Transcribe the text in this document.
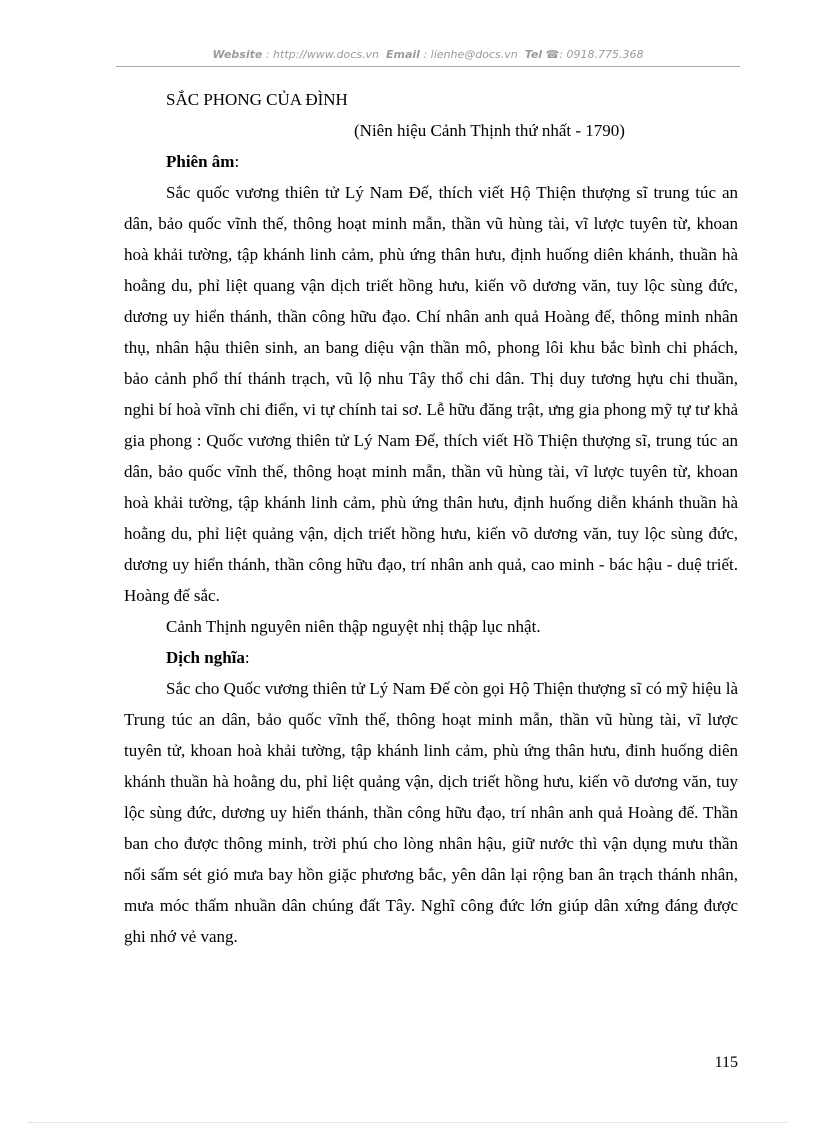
Website : http://www.docs.vn Email : lienhe@docs.vn Tel ☎: 0918.775.368

SẮC PHONG CỦA ĐÌNH

(Niên hiệu Cảnh Thịnh thứ nhất - 1790)

Phiên âm:

Sắc quốc vương thiên tử Lý Nam Đế, thích viết Hộ Thiện thượng sĩ trung túc an dân, bảo quốc vĩnh thế, thông hoạt minh mẫn, thần vũ hùng tài, vĩ lược tuyên từ, khoan hoà khải tường, tập khánh linh cảm, phù ứng thân hưu, định huống diên khánh, thuần hà hoằng du, phỉ liệt quang vận dịch triết hồng hưu, kiến võ dương văn, tuy lộc sùng đức, dương uy hiển thánh, thần công hữu đạo. Chí nhân anh quả Hoàng đế, thông minh nhân thụ, nhân hậu thiên sinh, an bang diệu vận thần mô, phong lôi khu bắc bình chi phách, bảo cảnh phổ thí thánh trạch, vũ lộ nhu Tây thổ chi dân. Thị duy tương hựu chi thuần, nghi bí hoà vĩnh chi điển, vi tự chính tai sơ. Lễ hữu đăng trật, ưng gia phong mỹ tự tư khả gia phong : Quốc vương thiên tử Lý Nam Đế, thích viết Hồ Thiện thượng sĩ, trung túc an dân, bảo quốc vĩnh thế, thông hoạt minh mẫn, thần vũ hùng tài, vĩ lược tuyên từ, khoan hoà khải tường, tập khánh linh cảm, phù ứng thân hưu, định huống diễn khánh thuần hà hoằng du, phỉ liệt quảng vận, dịch triết hồng hưu, kiến võ dương văn, tuy lộc sùng đức, dương uy hiển thánh, thần công hữu đạo, trí nhân anh quả, cao minh - bác hậu - duệ triết. Hoàng đế sắc.

Cảnh Thịnh nguyên niên thập nguyệt nhị thập lục nhật.

Dịch nghĩa:

Sắc cho Quốc vương thiên tử Lý Nam Đế còn gọi Hộ Thiện thượng sĩ có mỹ hiệu là Trung túc an dân, bảo quốc vĩnh thế, thông hoạt minh mẫn, thần vũ hùng tài, vĩ lược tuyên tử, khoan hoà khải tường, tập khánh linh cảm, phù ứng thân hưu, đinh huống diên khánh thuần hà hoằng du, phỉ liệt quảng vận, dịch triết hồng hưu, kiến võ dương văn, tuy lộc sùng đức, dương uy hiển thánh, thần công hữu đạo, trí nhân anh quả Hoàng đế. Thần ban cho được thông minh, trời phú cho lòng nhân hậu, giữ nước thì vận dụng mưu thần nổi sấm sét gió mưa bay hồn giặc phương bắc, yên dân lại rộng ban ân trạch thánh nhân, mưa móc thấm nhuần dân chúng đất Tây. Nghĩ công đức lớn giúp dân xứng đáng được ghi nhớ vẻ vang.

115
